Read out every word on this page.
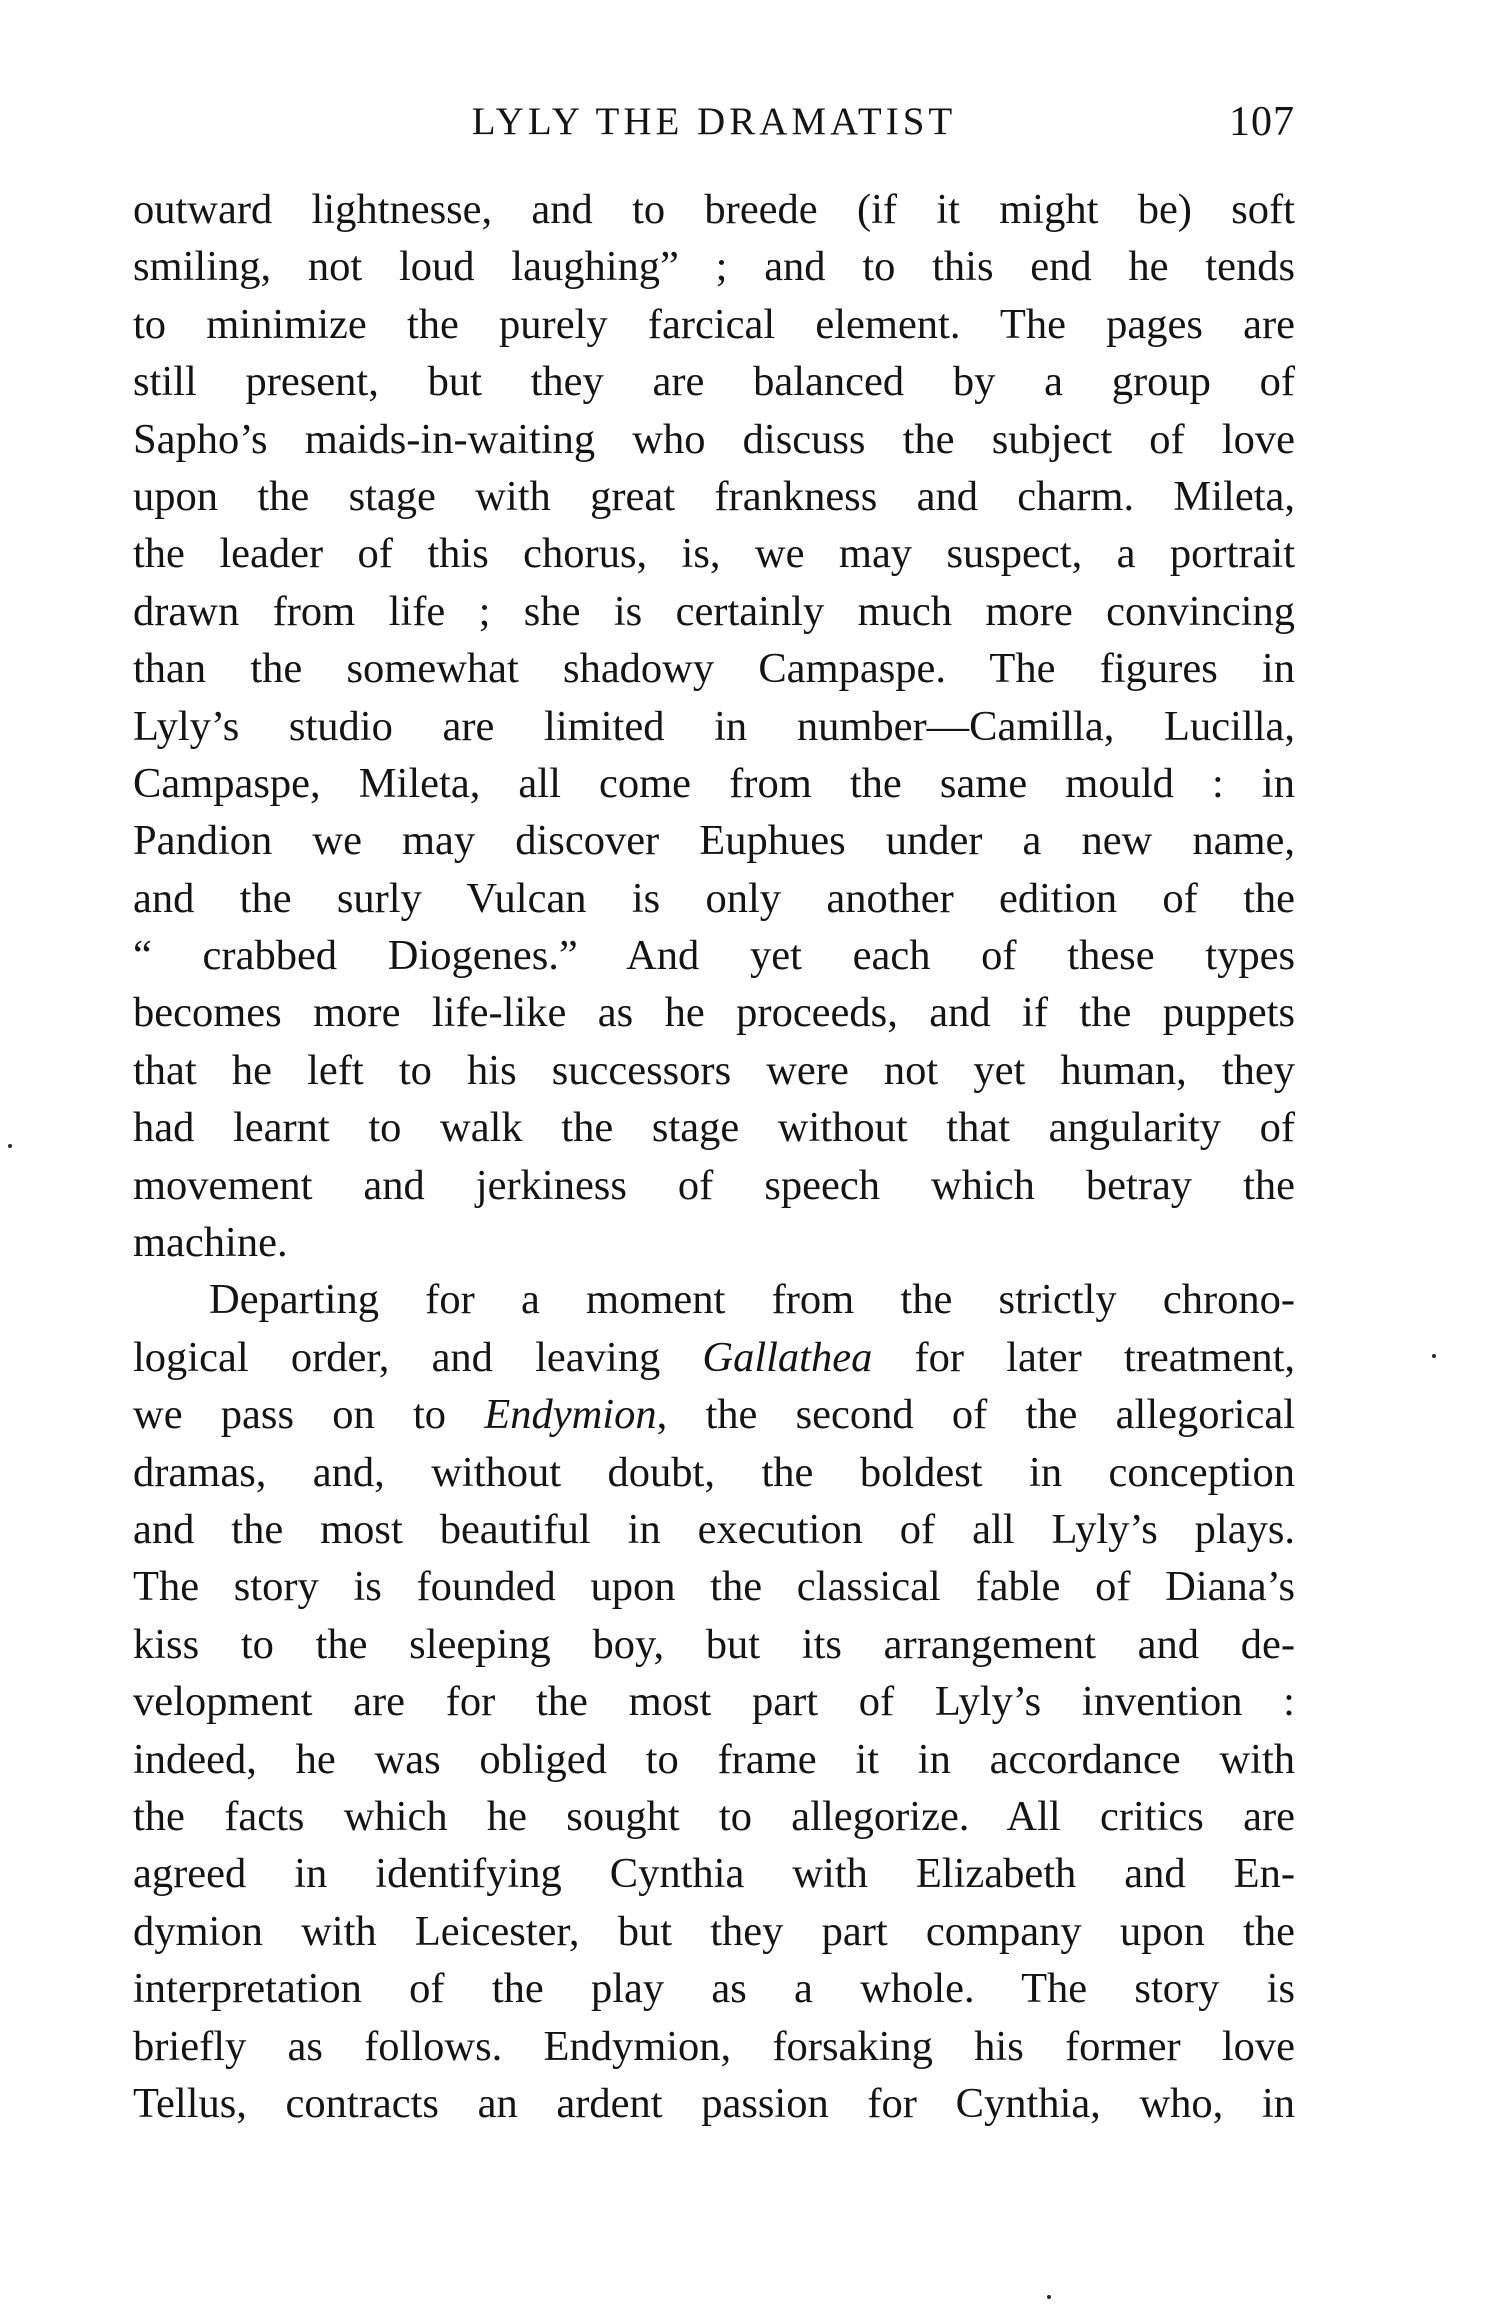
LYLY THE DRAMATIST	107
outward lightnesse, and to breede (if it might be) soft
smiling, not loud laughing” ; and to this end he tends
to minimize the purely farcical element. The pages are
still present, but they are balanced by a group of
Sapho’s maids-in-waiting who discuss the subject of love
upon the stage with great frankness and charm. Mileta,
the leader of this chorus, is, we may suspect, a portrait
drawn from life ; she is certainly much more convincing
than the somewhat shadowy Campaspe. The figures in
Lyly’s studio are limited in number—Camilla, Lucilla,
Campaspe, Mileta, all come from the same mould : in
Pandion we may discover Euphues under a new name,
and the surly Vulcan is only another edition of the
“ crabbed Diogenes.” And yet each of these types
becomes more life-like as he proceeds, and if the puppets
that he left to his successors were not yet human, they
had learnt to walk the stage without that angularity of
movement and jerkiness of speech which betray the
machine.
Departing for a moment from the strictly chrono-
logical order, and leaving Gallathea for later treatment,
we pass on to Endymion, the second of the allegorical
dramas, and, without doubt, the boldest in conception
and the most beautiful in execution of all Lyly’s plays.
The story is founded upon the classical fable of Diana’s
kiss to the sleeping boy, but its arrangement and de-
velopment are for the most part of Lyly’s invention :
indeed, he was obliged to frame it in accordance with
the facts which he sought to allegorize. All critics are
agreed in identifying Cynthia with Elizabeth and En-
dymion with Leicester, but they part company upon the
interpretation of the play as a whole. The story is
briefly as follows. Endymion, forsaking his former love
Tellus, contracts an ardent passion for Cynthia, who, in
